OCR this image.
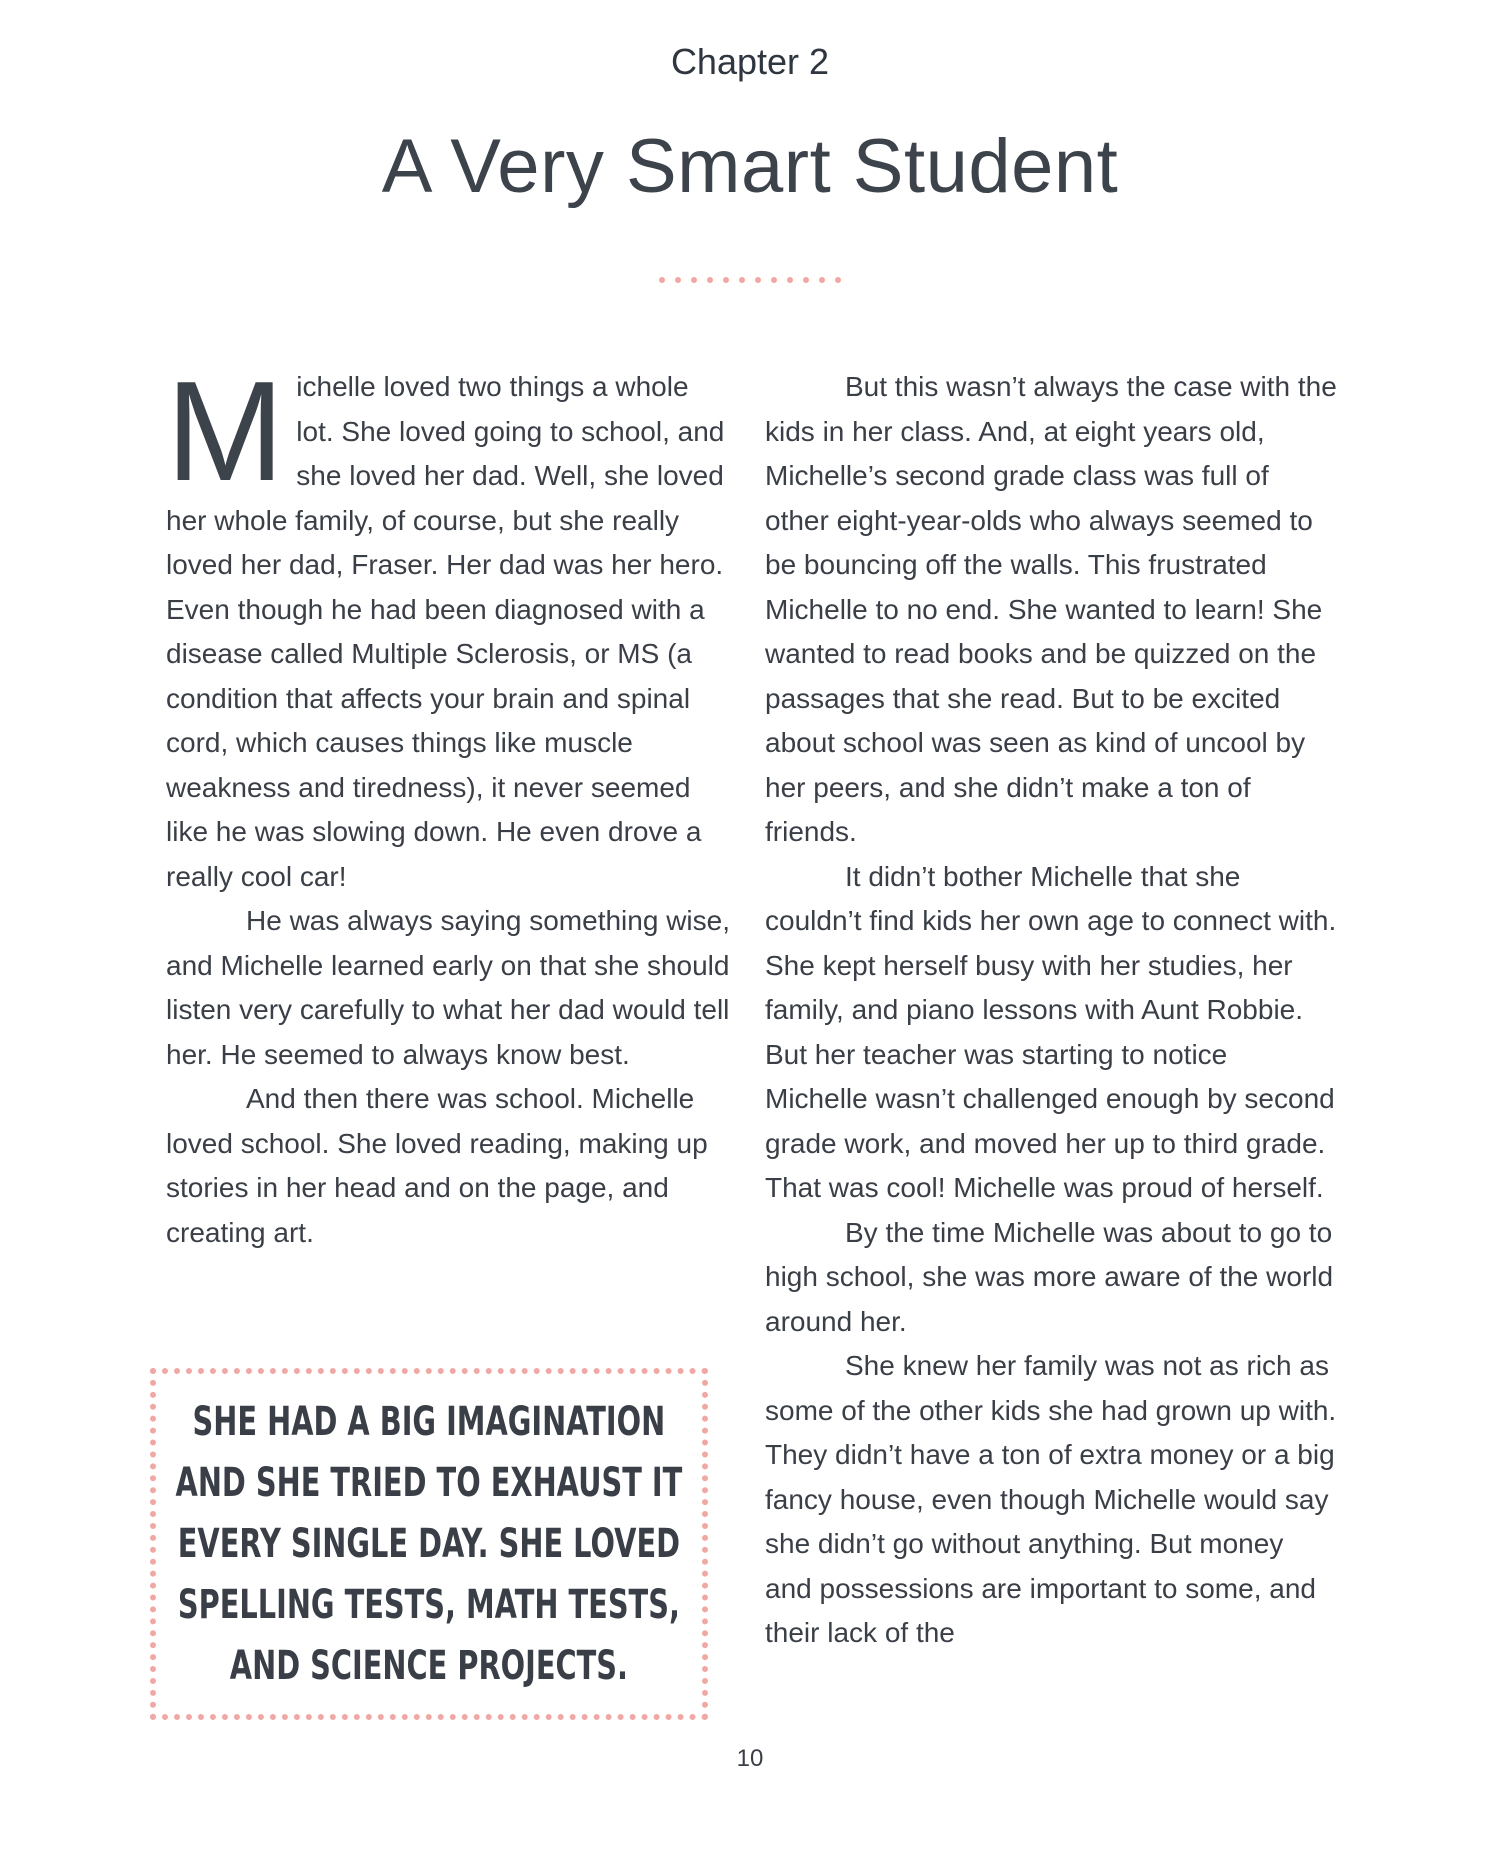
Chapter 2
A Very Smart Student

Michelle loved two things a whole lot. She loved going to school, and she loved her dad. Well, she loved her whole family, of course, but she really loved her dad, Fraser. Her dad was her hero. Even though he had been diagnosed with a disease called Multiple Sclerosis, or MS (a condition that affects your brain and spinal cord, which causes things like muscle weakness and tiredness), it never seemed like he was slowing down. He even drove a really cool car!

He was always saying something wise, and Michelle learned early on that she should listen very carefully to what her dad would tell her. He seemed to always know best.

And then there was school. Michelle loved school. She loved reading, making up stories in her head and on the page, and creating art.

SHE HAD A BIG IMAGINATION
AND SHE TRIED TO EXHAUST IT
EVERY SINGLE DAY. SHE LOVED
SPELLING TESTS, MATH TESTS,
AND SCIENCE PROJECTS.

But this wasn’t always the case with the kids in her class. And, at eight years old, Michelle’s second grade class was full of other eight-year-olds who always seemed to be bouncing off the walls. This frustrated Michelle to no end. She wanted to learn! She wanted to read books and be quizzed on the passages that she read. But to be excited about school was seen as kind of uncool by her peers, and she didn’t make a ton of friends.

It didn’t bother Michelle that she couldn’t find kids her own age to connect with. She kept herself busy with her studies, her family, and piano lessons with Aunt Robbie. But her teacher was starting to notice Michelle wasn’t challenged enough by second grade work, and moved her up to third grade. That was cool! Michelle was proud of herself.

By the time Michelle was about to go to high school, she was more aware of the world around her.

She knew her family was not as rich as some of the other kids she had grown up with. They didn’t have a ton of extra money or a big fancy house, even though Michelle would say she didn’t go without anything. But money and possessions are important to some, and their lack of the

10
